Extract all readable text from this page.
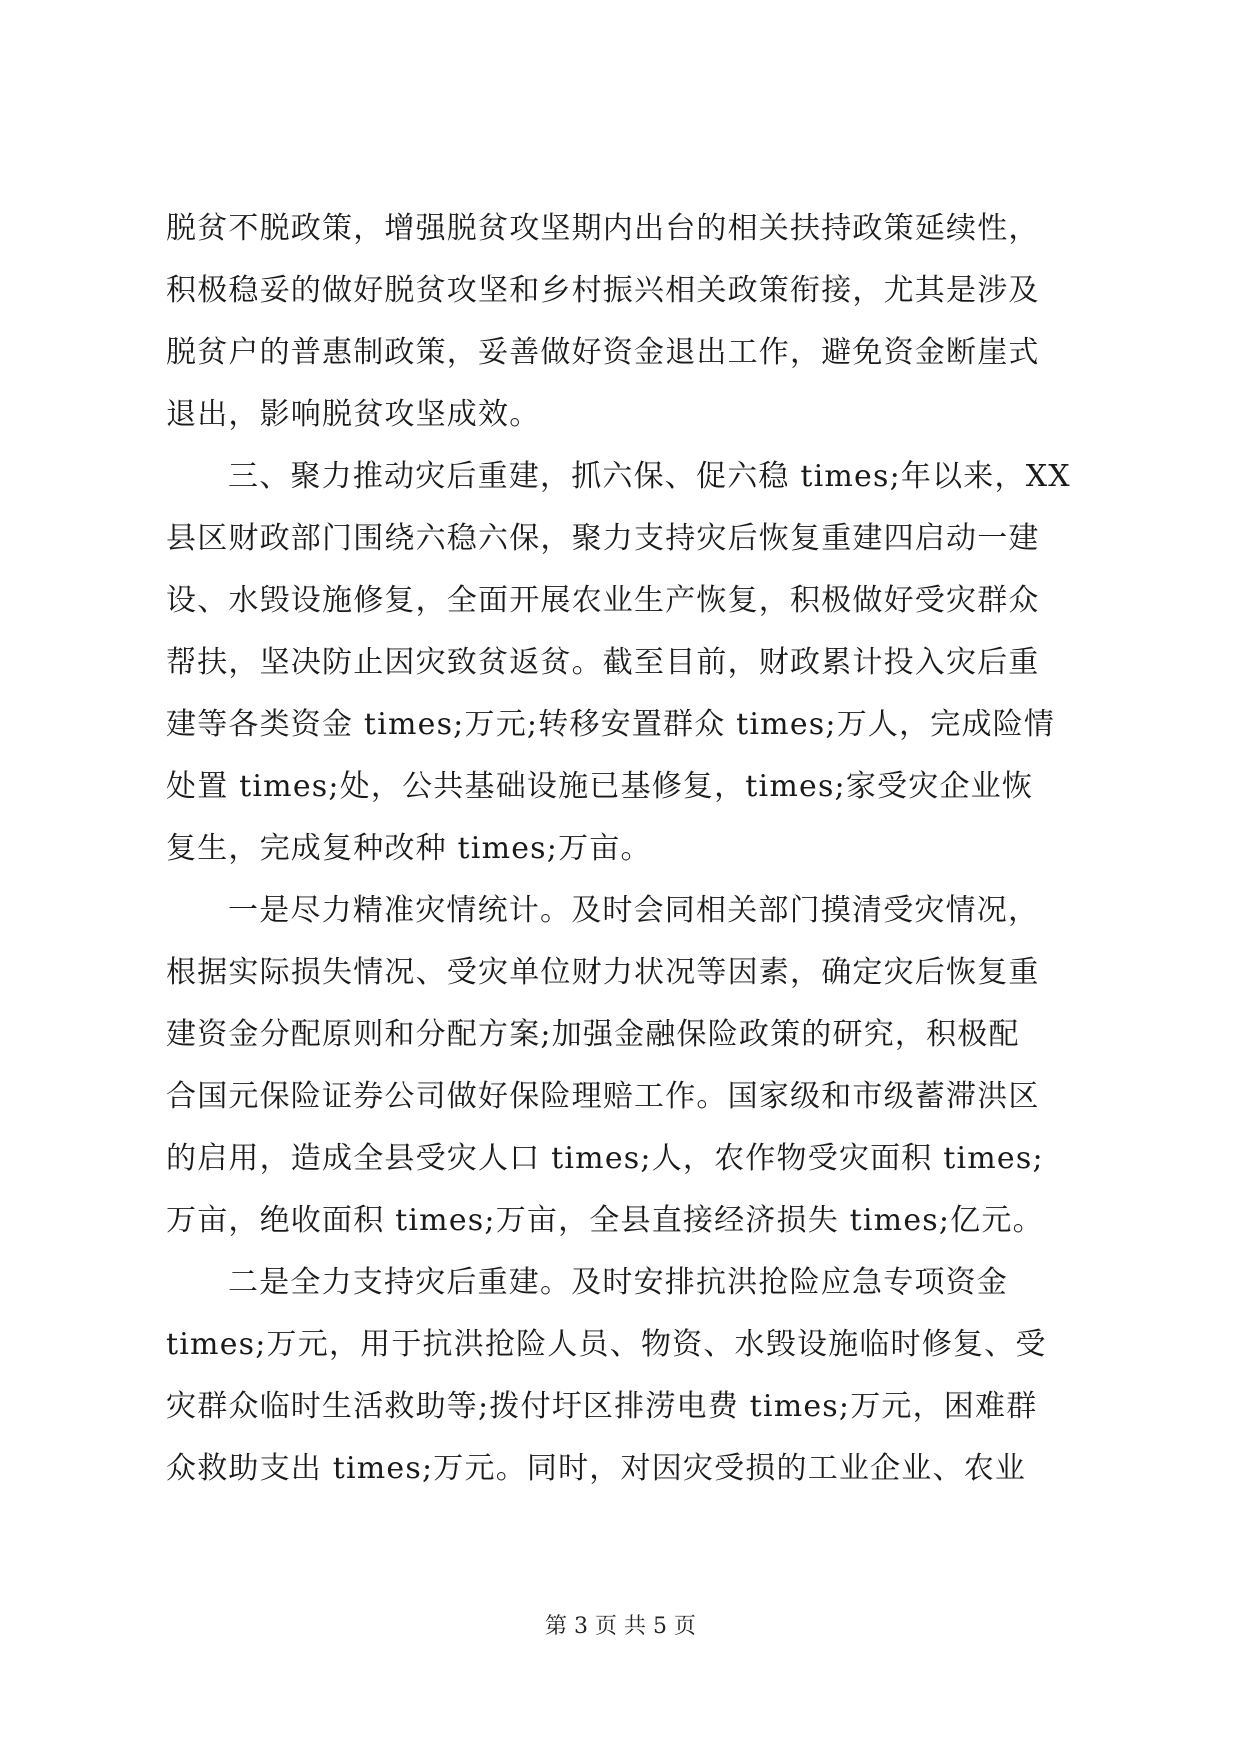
脱贫不脱政策，增强脱贫攻坚期内出台的相关扶持政策延续性，
积极稳妥的做好脱贫攻坚和乡村振兴相关政策衔接，尤其是涉及
脱贫户的普惠制政策，妥善做好资金退出工作，避免资金断崖式
退出，影响脱贫攻坚成效。
三、聚力推动灾后重建，抓六保、促六稳 times;年以来，XX
县区财政部门围绕六稳六保，聚力支持灾后恢复重建四启动一建
设、水毁设施修复，全面开展农业生产恢复，积极做好受灾群众
帮扶，坚决防止因灾致贫返贫。截至目前，财政累计投入灾后重
建等各类资金 times;万元;转移安置群众 times;万人，完成险情
处置 times;处，公共基础设施已基修复，times;家受灾企业恢
复生，完成复种改种 times;万亩。
一是尽力精准灾情统计。及时会同相关部门摸清受灾情况，
根据实际损失情况、受灾单位财力状况等因素，确定灾后恢复重
建资金分配原则和分配方案;加强金融保险政策的研究，积极配
合国元保险证券公司做好保险理赔工作。国家级和市级蓄滞洪区
的启用，造成全县受灾人口 times;人，农作物受灾面积 times;
万亩，绝收面积 times;万亩，全县直接经济损失 times;亿元。
二是全力支持灾后重建。及时安排抗洪抢险应急专项资金
times;万元，用于抗洪抢险人员、物资、水毁设施临时修复、受
灾群众临时生活救助等;拨付圩区排涝电费 times;万元，困难群
众救助支出 times;万元。同时，对因灾受损的工业企业、农业
第 3 页 共 5 页
